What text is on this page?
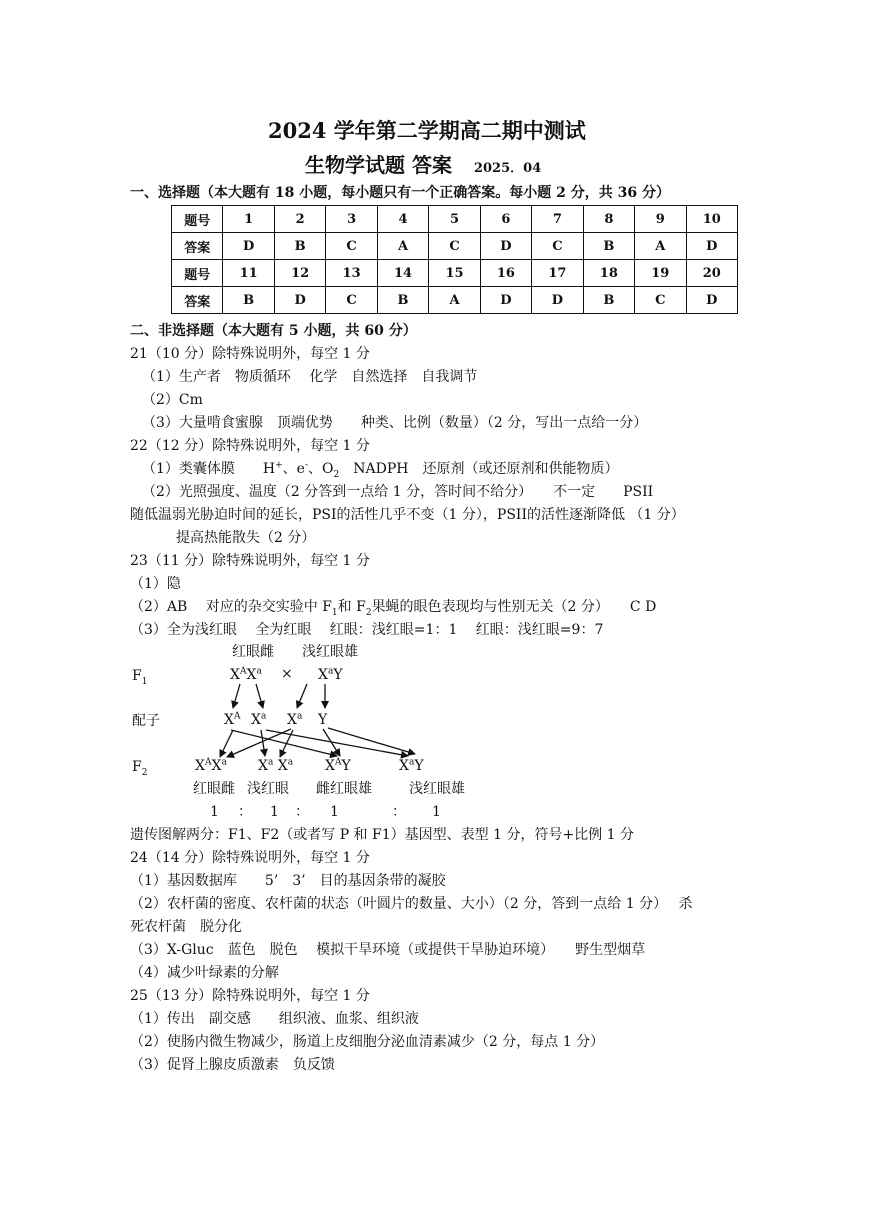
2024 学年第二学期高二期中测试
生物学试题 答案 2025．04
一、选择题（本大题有 18 小题，每小题只有一个正确答案。每小题 2 分，共 36 分）
题号	1	2	3	4	5	6	7	8	9	10
答案	D	B	C	A	C	D	C	B	A	D
题号	11	12	13	14	15	16	17	18	19	20
答案	B	D	C	B	A	D	D	B	C	D
二、非选择题（本大题有 5 小题，共 60 分）
21（10 分）除特殊说明外，每空 1 分
（1）生产者　物质循环　 化学　自然选择　自我调节
（2）Cm
（3）大量啃食蜜腺　顶端优势　　种类、比例（数量）（2 分，写出一点给一分）
22（12 分）除特殊说明外，每空 1 分
（1）类囊体膜　　H+、e-、$O_2$　NADPH　还原剂（或还原剂和供能物质）
（2）光照强度、温度（2 分答到一点给 1 分，答时间不给分）　　不一定　　PSII
随低温弱光胁迫时间的延长，PSI的活性几乎不变（1 分），PSII的活性逐渐降低 （1 分）
提高热能散失（2 分）
23（11 分）除特殊说明外，每空 1 分
（1）隐
（2）AB　 对应的杂交实验中 $F_1$和 $F_2$果蝇的眼色表现均与性别无关（2 分）　　C D
（3）全为浅红眼　 全为红眼　 红眼：浅红眼=1：1　 红眼：浅红眼=9：7
红眼雌 浅红眼雄
$F_1$	$X^AX^a \times X^aY$
配子	$X^A$ $X^a$ $X^a$ Y
$F_2$	$X^AX^a$ $X^a$ $X^a$ $X^AY$	$X^aY$
红眼雌 浅红眼 雌红眼雄	浅红眼雄
1 ： 1 ： 1	： 1
遗传图解两分：F1、F2（或者写 P 和 F1）基因型、表型 1 分，符号+比例 1 分
24（14 分）除特殊说明外，每空 1 分
（1）基因数据库　　5’　3’　目的基因条带的凝胶
（2）农杆菌的密度、农杆菌的状态（叶圆片的数量、大小）（2 分，答到一点给 1 分）　 杀
死农杆菌　脱分化
（3）X-Gluc　蓝色　脱色　 模拟干旱环境（或提供干旱胁迫环境）　　野生型烟草
（4）减少叶绿素的分解
25（13 分）除特殊说明外，每空 1 分
（1）传出　副交感　　组织液、血浆、组织液
（2）使肠内微生物减少，肠道上皮细胞分泌血清素减少（2 分，每点 1 分）
（3）促肾上腺皮质激素　负反馈
